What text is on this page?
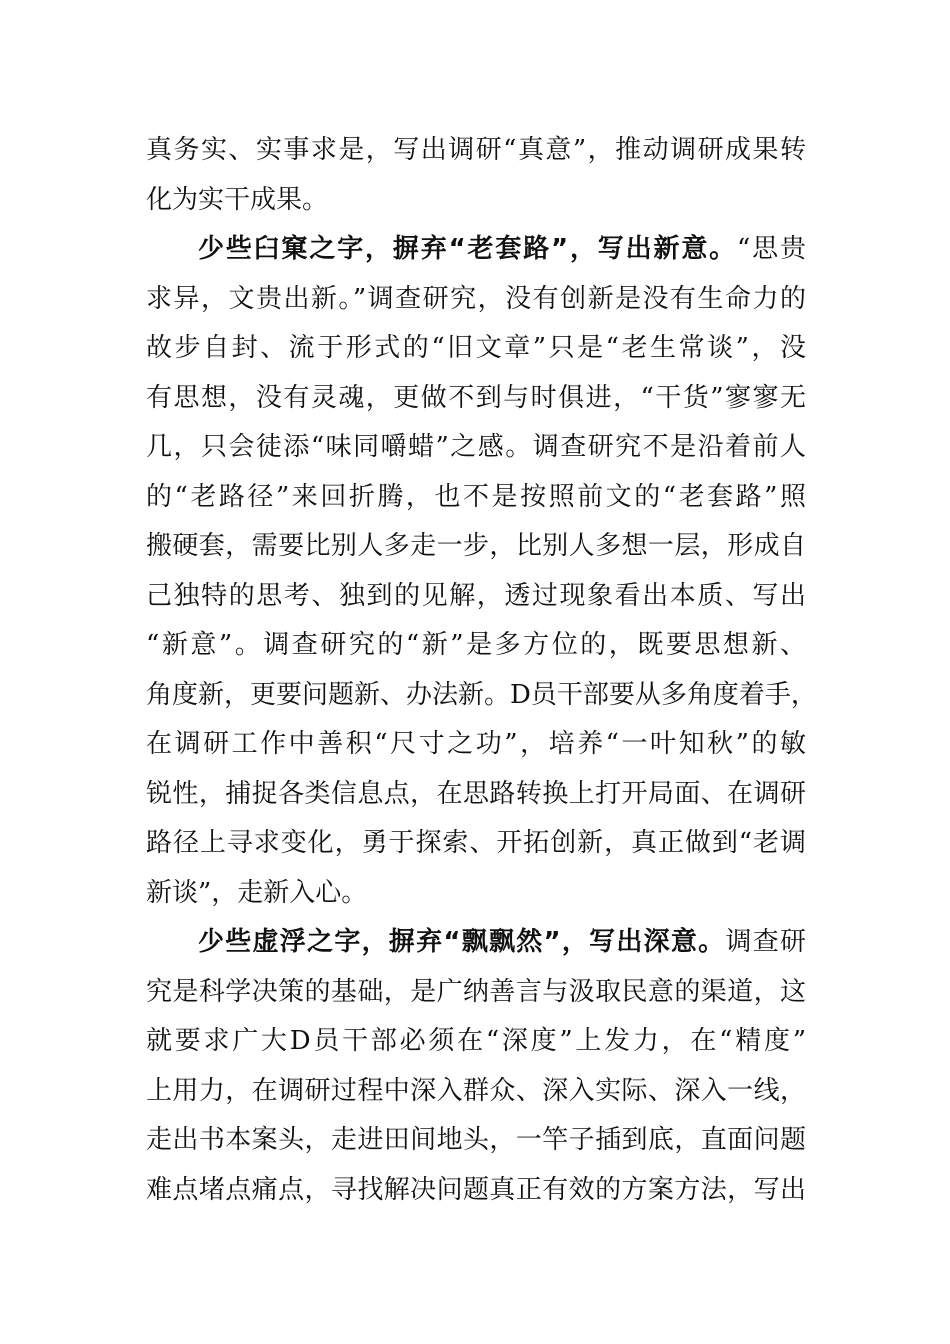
真务实、实事求是，写出调研“真意”，推动调研成果转
化为实干成果。
少些臼窠之字，摒弃“老套路”，写出新意。“思贵
求异，文贵出新。”调查研究，没有创新是没有生命力的
故步自封、流于形式的“旧文章”只是“老生常谈”，没
有思想，没有灵魂，更做不到与时俱进，“干货”寥寥无
几，只会徒添“味同嚼蜡”之感。调查研究不是沿着前人
的“老路径”来回折腾，也不是按照前文的“老套路”照
搬硬套，需要比别人多走一步，比别人多想一层，形成自
己独特的思考、独到的见解，透过现象看出本质、写出
“新意”。调查研究的“新”是多方位的，既要思想新、
角度新，更要问题新、办法新。D员干部要从多角度着手，
在调研工作中善积“尺寸之功”，培养“一叶知秋”的敏
锐性，捕捉各类信息点，在思路转换上打开局面、在调研
路径上寻求变化，勇于探索、开拓创新，真正做到“老调
新谈”，走新入心。
少些虚浮之字，摒弃“飘飘然”，写出深意。调查研
究是科学决策的基础，是广纳善言与汲取民意的渠道，这
就要求广大D员干部必须在“深度”上发力，在“精度”
上用力，在调研过程中深入群众、深入实际、深入一线，
走出书本案头，走进田间地头，一竿子插到底，直面问题
难点堵点痛点，寻找解决问题真正有效的方案方法，写出
